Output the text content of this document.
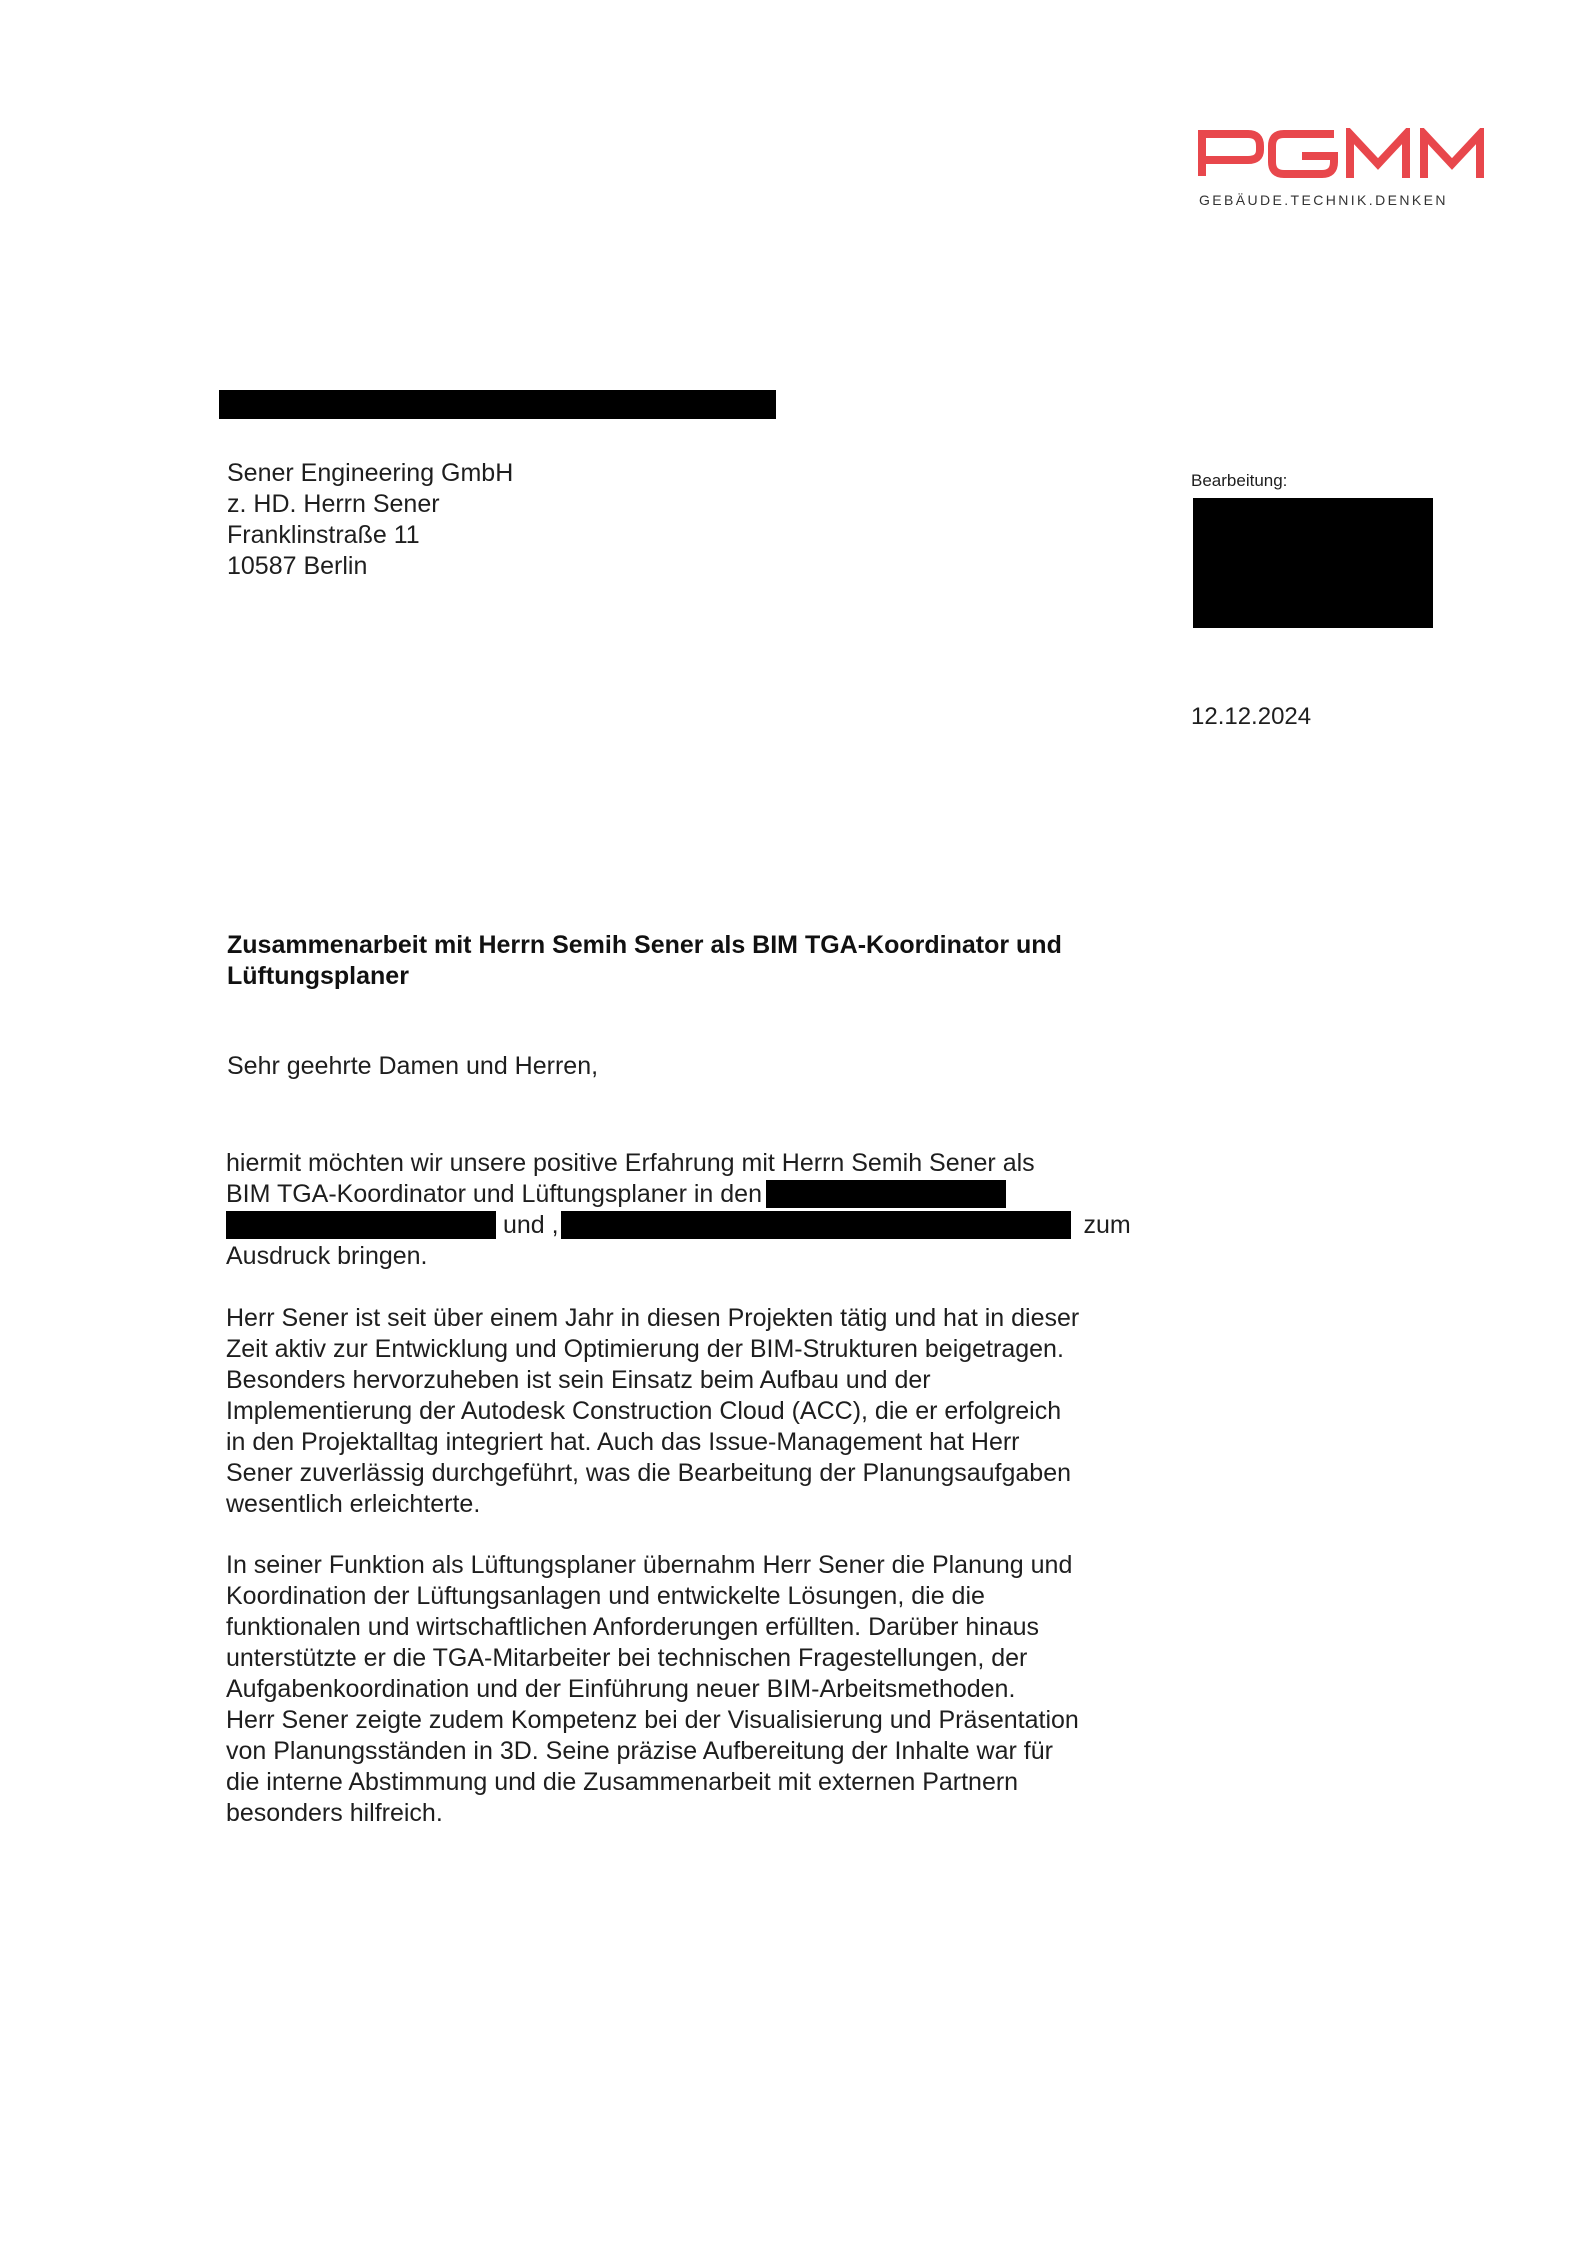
GEBÄUDE.TECHNIK.DENKEN
Sener Engineering GmbH
z. HD. Herrn Sener
Franklinstraße 11
10587 Berlin
Bearbeitung:
12.12.2024
Zusammenarbeit mit Herrn Semih Sener als BIM TGA-Koordinator und
Lüftungsplaner
Sehr geehrte Damen und Herren,
hiermit möchten wir unsere positive Erfahrung mit Herrn Semih Sener als
BIM TGA-Koordinator und Lüftungsplaner in den
und ,	zum
Ausdruck bringen.
Herr Sener ist seit über einem Jahr in diesen Projekten tätig und hat in dieser
Zeit aktiv zur Entwicklung und Optimierung der BIM-Strukturen beigetragen.
Besonders hervorzuheben ist sein Einsatz beim Aufbau und der
Implementierung der Autodesk Construction Cloud (ACC), die er erfolgreich
in den Projektalltag integriert hat. Auch das Issue-Management hat Herr
Sener zuverlässig durchgeführt, was die Bearbeitung der Planungsaufgaben
wesentlich erleichterte.
In seiner Funktion als Lüftungsplaner übernahm Herr Sener die Planung und
Koordination der Lüftungsanlagen und entwickelte Lösungen, die die
funktionalen und wirtschaftlichen Anforderungen erfüllten. Darüber hinaus
unterstützte er die TGA-Mitarbeiter bei technischen Fragestellungen, der
Aufgabenkoordination und der Einführung neuer BIM-Arbeitsmethoden.
Herr Sener zeigte zudem Kompetenz bei der Visualisierung und Präsentation
von Planungsständen in 3D. Seine präzise Aufbereitung der Inhalte war für
die interne Abstimmung und die Zusammenarbeit mit externen Partnern
besonders hilfreich.
